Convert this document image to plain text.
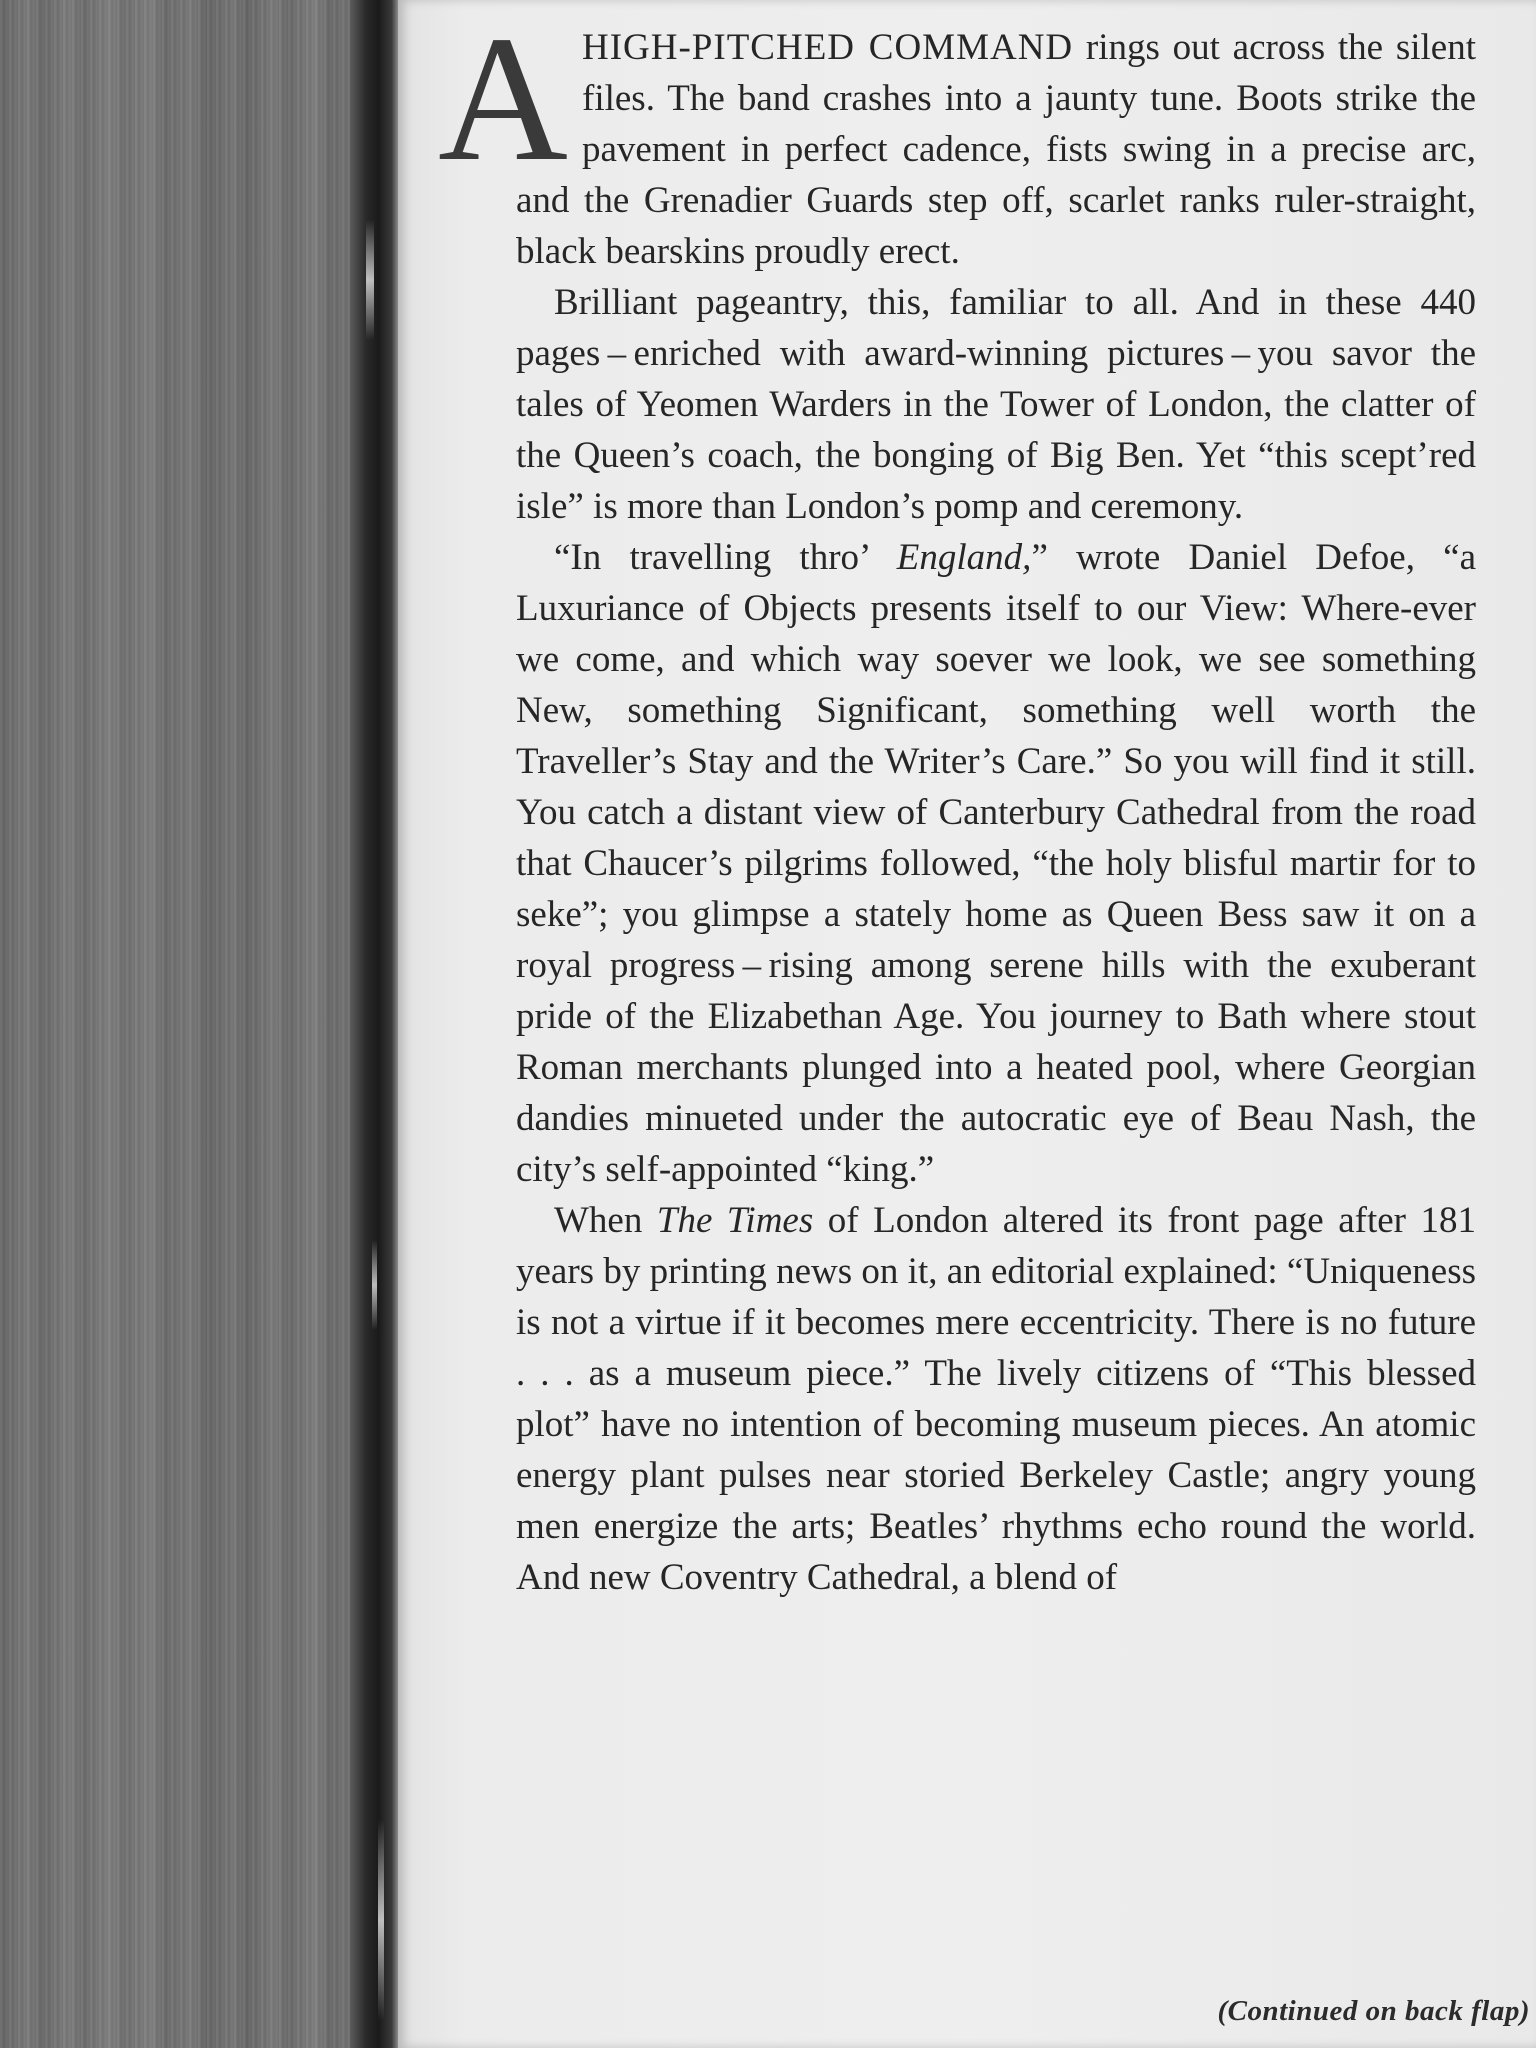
AHIGH-PITCHED COMMAND rings out across the silent files. The band crashes into a jaunty tune. Boots strike the pavement in perfect cadence, fists swing in a precise arc, and the Grenadier Guards step off, scarlet ranks ruler-straight, black bearskins proudly erect.

Brilliant pageantry, this, familiar to all. And in these 440 pages – enriched with award-winning pictures – you savor the tales of Yeomen Warders in the Tower of London, the clatter of the Queen’s coach, the bonging of Big Ben. Yet “this scept’red isle” is more than London’s pomp and ceremony.

“In travelling thro’ England,” wrote Daniel Defoe, “a Luxuriance of Objects presents itself to our View: Where-ever we come, and which way soever we look, we see something New, something Significant, something well worth the Traveller’s Stay and the Writer’s Care.” So you will find it still. You catch a distant view of Canterbury Cathedral from the road that Chaucer’s pilgrims followed, “the holy blisful martir for to seke”; you glimpse a stately home as Queen Bess saw it on a royal progress – rising among serene hills with the exuberant pride of the Elizabethan Age. You journey to Bath where stout Roman merchants plunged into a heated pool, where Georgian dandies minueted under the autocratic eye of Beau Nash, the city’s self-appointed “king.”

When The Times of London altered its front page after 181 years by printing news on it, an editorial explained: “Uniqueness is not a virtue if it becomes mere eccentricity. There is no future . . . as a museum piece.” The lively citizens of “This blessed plot” have no intention of becoming museum pieces. An atomic energy plant pulses near storied Berkeley Castle; angry young men energize the arts; Beatles’ rhythms echo round the world. And new Coventry Cathedral, a blend of

(Continued on back flap)
